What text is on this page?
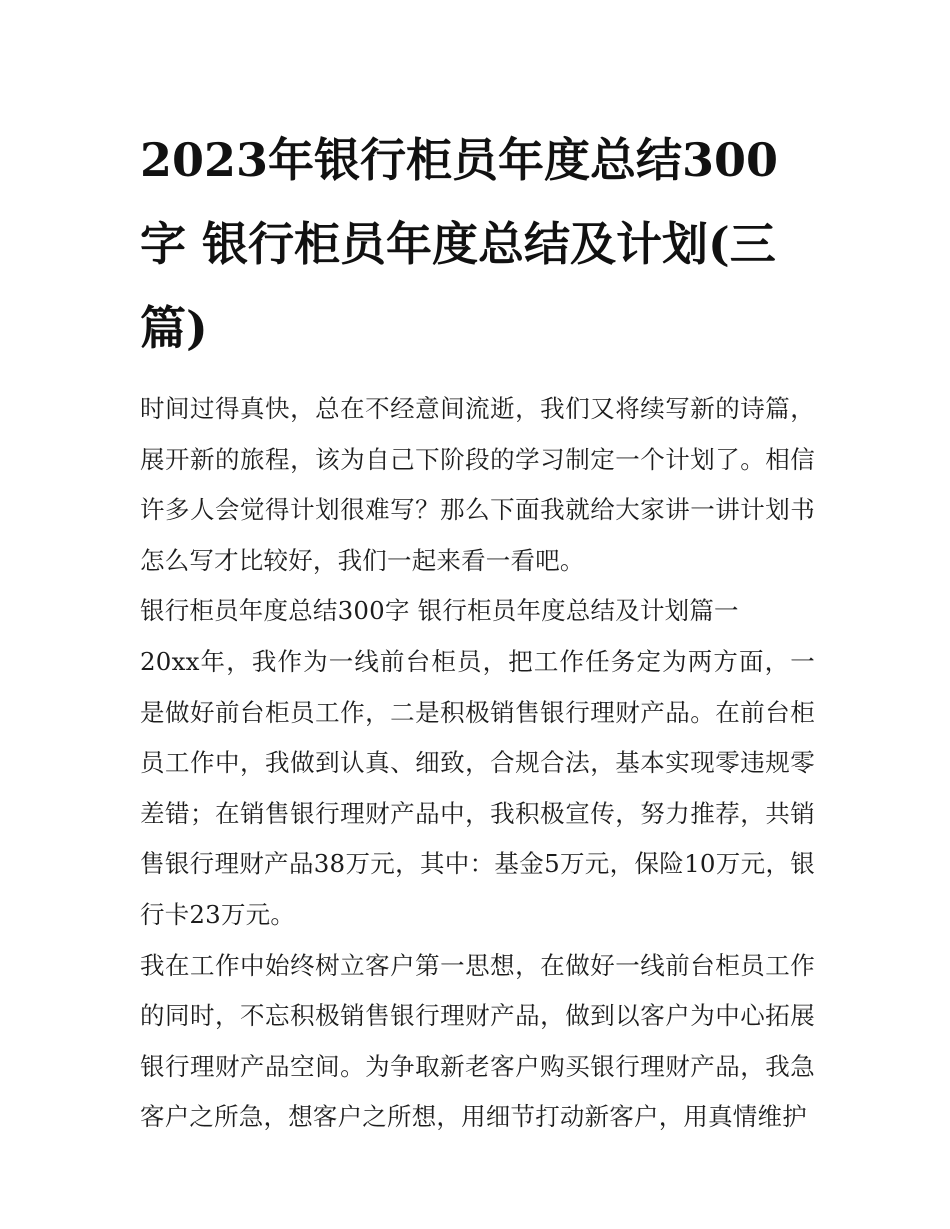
2023年银行柜员年度总结300字 银行柜员年度总结及计划(三篇)

时间过得真快，总在不经意间流逝，我们又将续写新的诗篇，展开新的旅程，该为自己下阶段的学习制定一个计划了。相信许多人会觉得计划很难写？那么下面我就给大家讲一讲计划书怎么写才比较好，我们一起来看一看吧。

银行柜员年度总结300字 银行柜员年度总结及计划篇一

20xx年，我作为一线前台柜员，把工作任务定为两方面，一是做好前台柜员工作，二是积极销售银行理财产品。在前台柜员工作中，我做到认真、细致，合规合法，基本实现零违规零差错；在销售银行理财产品中，我积极宣传，努力推荐，共销售银行理财产品38万元，其中：基金5万元，保险10万元，银行卡23万元。

我在工作中始终树立客户第一思想，在做好一线前台柜员工作的同时，不忘积极销售银行理财产品，做到以客户为中心拓展银行理财产品空间。为争取新老客户购买银行理财产品，我急客户之所急，想客户之所想，用细节打动新客户，用真情维护
